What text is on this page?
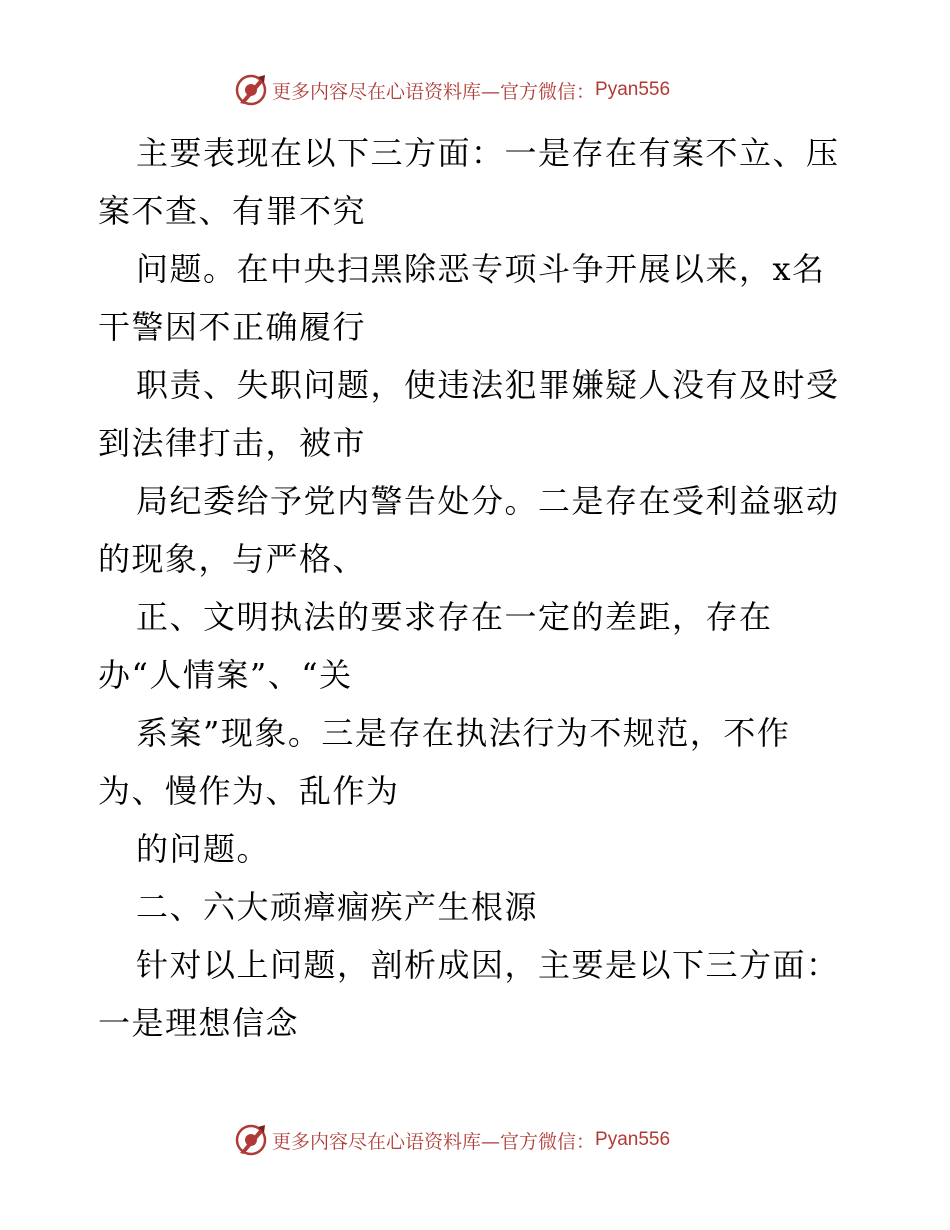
更多内容尽在心语资料库—官方微信： Pyan556

主要表现在以下三方面：一是存在有案不立、压

案不查、有罪不究

问题。在中央扫黑除恶专项斗争开展以来，x名

干警因不正确履行

职责、失职问题，使违法犯罪嫌疑人没有及时受

到法律打击，被市

局纪委给予党内警告处分。二是存在受利益驱动

的现象，与严格、

正、文明执法的要求存在一定的差距，存在

办“人情案”、“关

系案”现象。三是存在执法行为不规范，不作

为、慢作为、乱作为

的问题。

二、六大顽瘴痼疾产生根源

针对以上问题，剖析成因，主要是以下三方面：

一是理想信念

更多内容尽在心语资料库—官方微信： Pyan556
